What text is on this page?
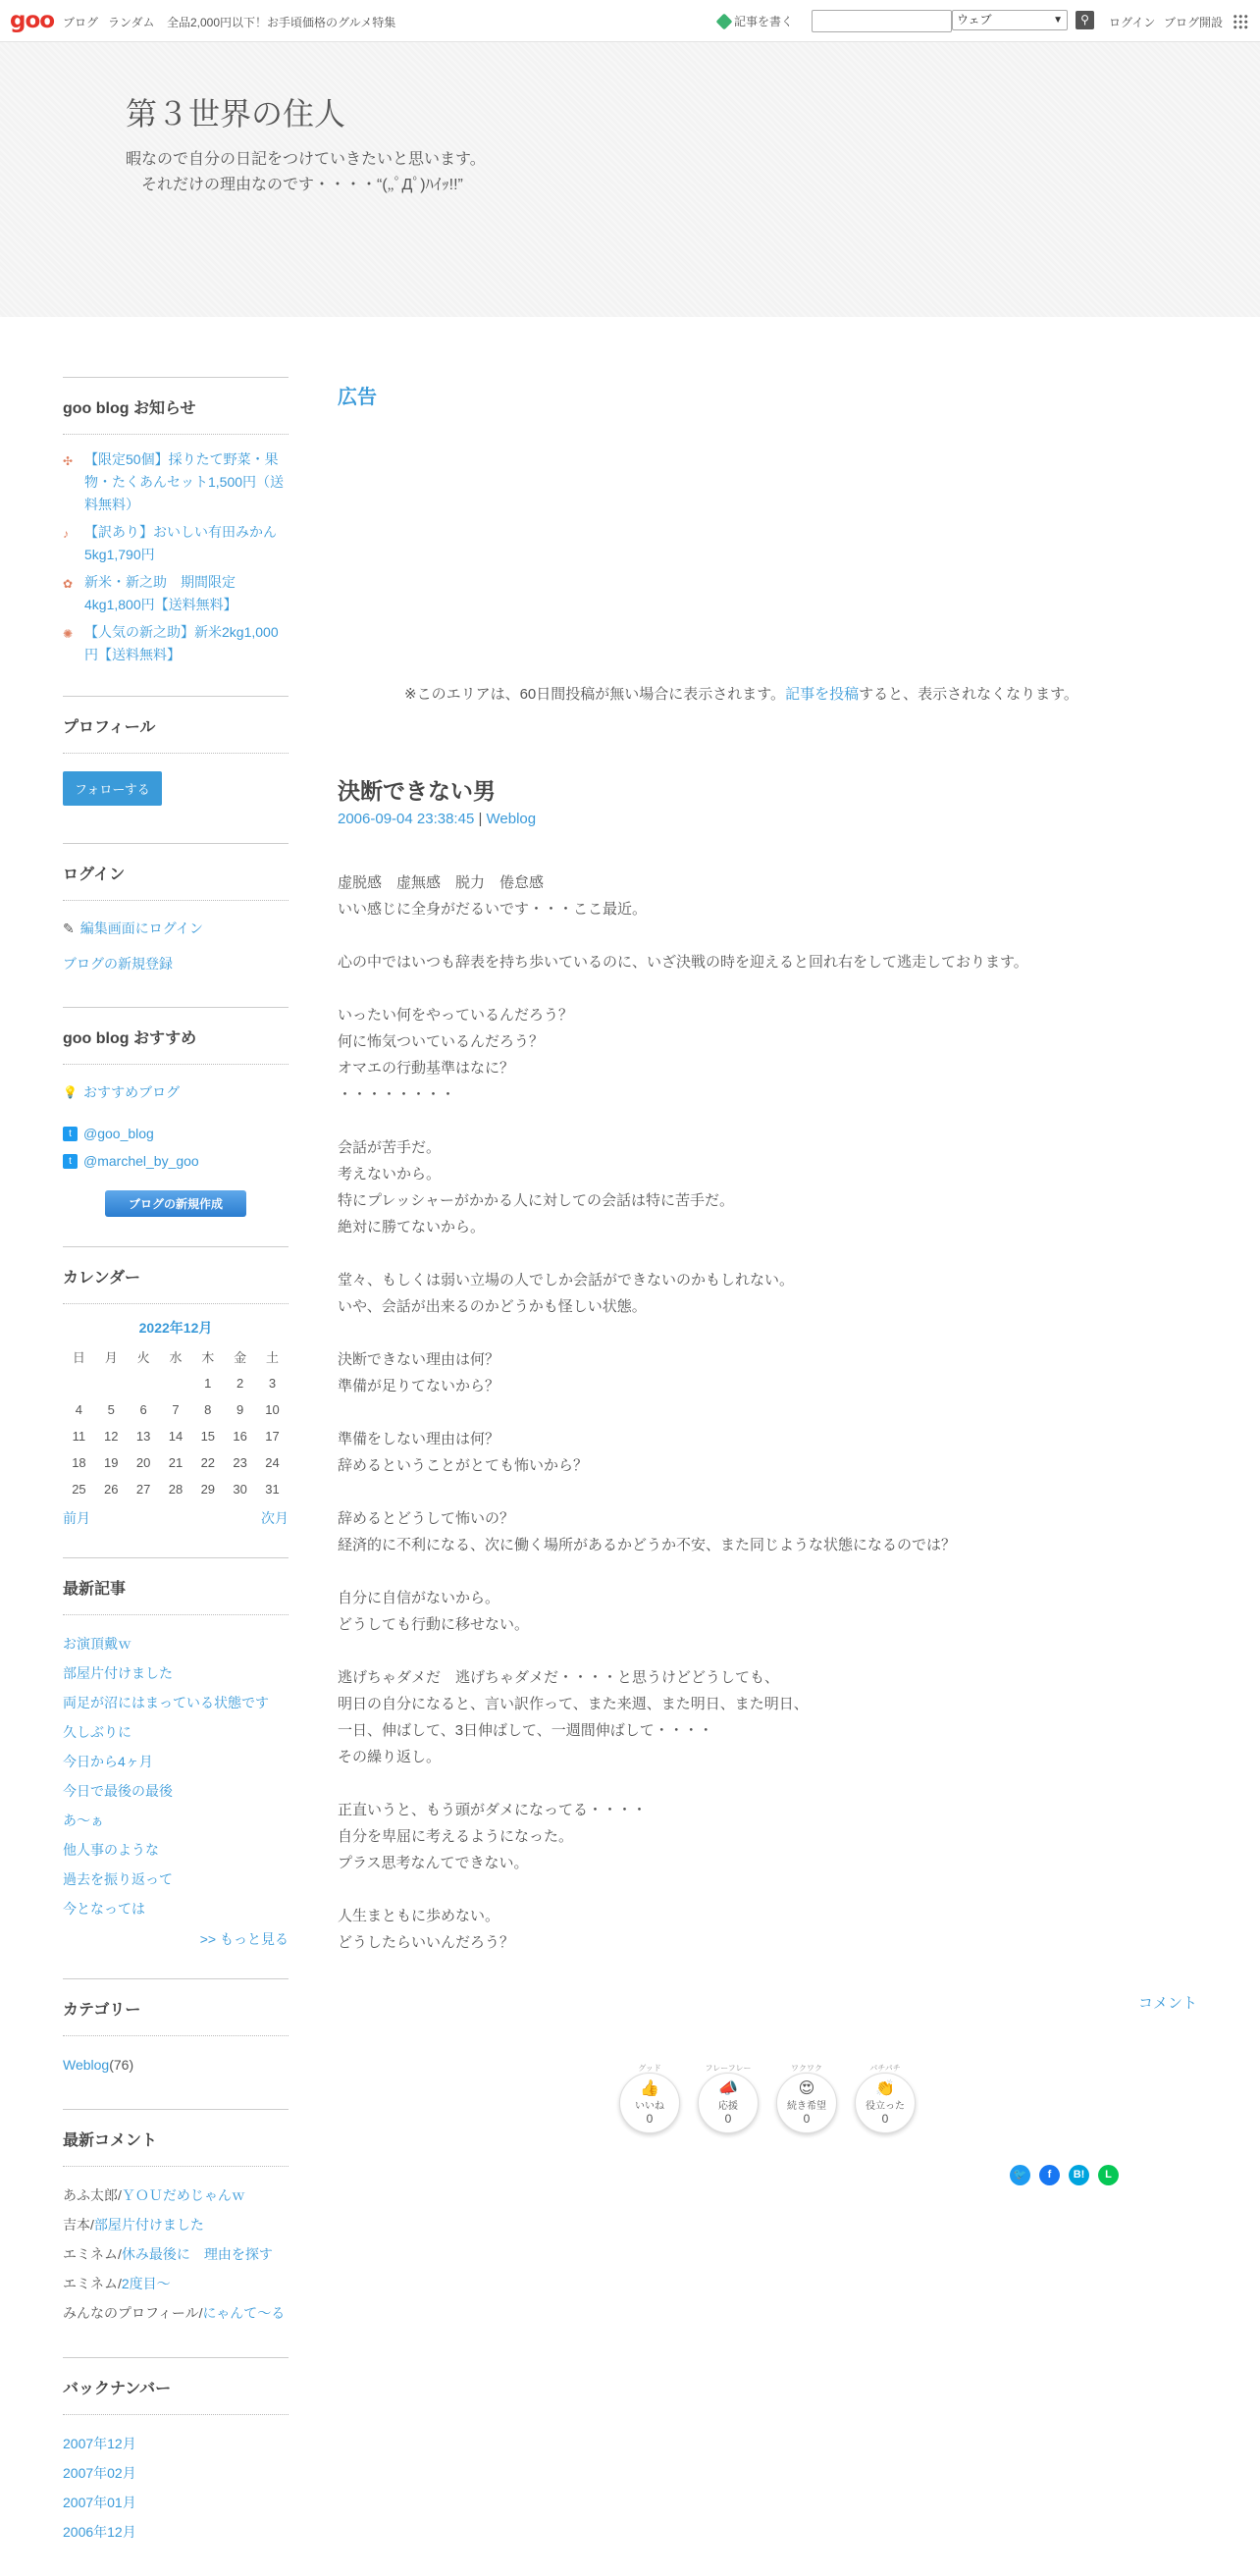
goo ブログ ランダム 全品2,000円以下！お手頃価格のグルメ特集	記事を書く	ウェブ	▼	⚲	ログイン ブログ開設
第３世界の住人
暇なので自分の日記をつけていきたいと思います。
それだけの理由なのです・・・・“(„ﾟДﾟ)ﾊｲｯ!!”
goo blog お知らせ
✣ 【限定50個】採りたて野菜・果物・たくあんセット1,500円（送料無料）
♪	【訳あり】おいしい有田みかん5kg1,790円
✿ 新米・新之助　期間限定4kg1,800円【送料無料】
✺ 【人気の新之助】新米2kg1,000円【送料無料】
プロフィール
フォローする
ログイン
✎ 編集画面にログイン
ブログの新規登録
goo blog おすすめ
💡 おすすめブログ
t @goo_blog
t @marchel_by_goo
ブログの新規作成
カレンダー
2022年12月
日	月	火	水	木	金	土
				1	2	3
4	5	6	7	8	9	10
11	12	13	14	15	16	17
18	19	20	21	22	23	24
25	26	27	28	29	30	31
前月	次月
最新記事
お演頂戴ｗ
部屋片付けました
両足が沼にはまっている状態です
久しぶりに
今日から4ヶ月
今日で最後の最後
あ～ぁ
他人事のような
過去を振り返って
今となっては
>> もっと見る
カテゴリー
Weblog(76)
最新コメント
あふ太郎/ＹＯＵだめじゃんｗ
吉本/部屋片付けました
エミネム/休み最後に　理由を探す
エミネム/2度目～
みんなのプロフィール/にゃんて～る
バックナンバー
2007年12月
2007年02月
2007年01月
2006年12月
広告
※このエリアは、60日間投稿が無い場合に表示されます。記事を投稿すると、表示されなくなります。
決断できない男
2006-09-04 23:38:45 | Weblog

虚脱感　虚無感　脱力　倦怠感
いい感じに全身がだるいです・・・ここ最近。

心の中ではいつも辞表を持ち歩いているのに、いざ決戦の時を迎えると回れ右をして逃走しております。

いったい何をやっているんだろう？
何に怖気ついているんだろう？
オマエの行動基準はなに？
・・・・・・・・

会話が苦手だ。
考えないから。
特にプレッシャーがかかる人に対しての会話は特に苦手だ。
絶対に勝てないから。

堂々、もしくは弱い立場の人でしか会話ができないのかもしれない。
いや、会話が出来るのかどうかも怪しい状態。

決断できない理由は何？
準備が足りてないから？

準備をしない理由は何？
辞めるということがとても怖いから？

辞めるとどうして怖いの？
経済的に不利になる、次に働く場所があるかどうか不安、また同じような状態になるのでは？

自分に自信がないから。
どうしても行動に移せない。

逃げちゃダメだ　逃げちゃダメだ・・・・と思うけどどうしても、
明日の自分になると、言い訳作って、また来週、また明日、また明日、
一日、伸ばして、3日伸ばして、一週間伸ばして・・・・
その繰り返し。

正直いうと、もう頭がダメになってる・・・・
自分を卑屈に考えるようになった。
プラス思考なんてできない。

人生まともに歩めない。
どうしたらいいんだろう？

コメント
グッド
👍
いいね
0
フレーフレー
📣
応援
0
ワクワク
😍
続き希望
0
パチパチ
👏
役立った
0
🐦	f	B!	L
